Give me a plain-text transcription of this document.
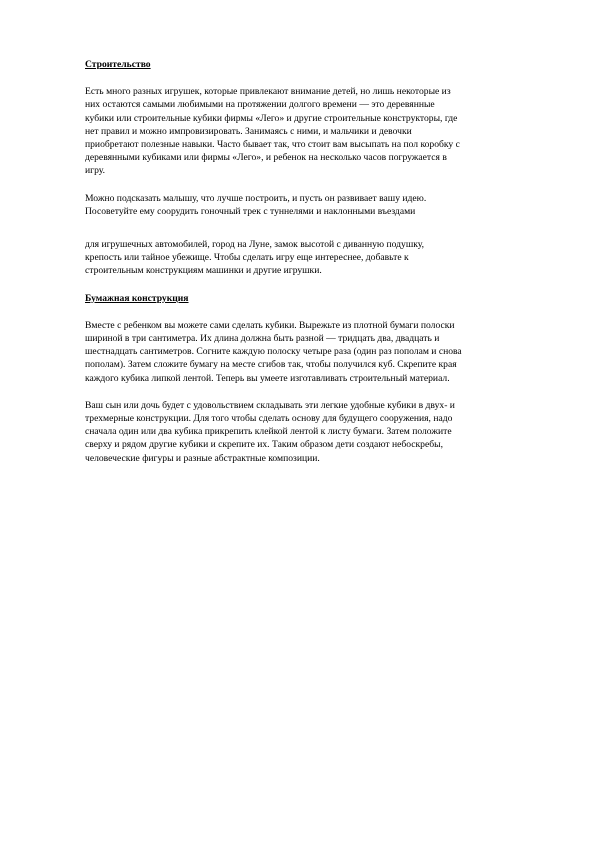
Строительство
Есть много разных игрушек, которые привлекают внимание детей, но лишь некоторые из
них остаются самыми любимыми на протяжении долгого времени — это деревянные
кубики или строительные кубики фирмы «Лего» и другие строительные конструкторы, где
нет правил и можно импровизировать. Занимаясь с ними, и мальчики и девочки
приобретают полезные навыки. Часто бывает так, что стоит вам высыпать на пол коробку с
деревянными кубиками или фирмы «Лего», и ребенок на несколько часов погружается в
игру.
Можно подсказать малышу, что лучше построить, и пусть он развивает вашу идею.
Посоветуйте ему соорудить гоночный трек с туннелями и наклонными въездами
для игрушечных автомобилей, город на Луне, замок высотой с диванную подушку,
крепость или тайное убежище. Чтобы сделать игру еще интереснее, добавьте к
строительным конструкциям машинки и другие игрушки.
Бумажная конструкция
Вместе с ребенком вы можете сами сделать кубики. Вырежьте из плотной бумаги полоски
шириной в три сантиметра. Их длина должна быть разной — тридцать два, двадцать и
шестнадцать сантиметров. Согните каждую полоску четыре раза (один раз пополам и снова
пополам). Затем сложите бумагу на месте сгибов так, чтобы получился куб. Скрепите края
каждого кубика липкой лентой. Теперь вы умеете изготавливать строительный материал.
Ваш сын или дочь будет с удовольствием складывать эти легкие удобные кубики в двух- и
трехмерные конструкции. Для того чтобы сделать основу для будущего сооружения, надо
сначала один или два кубика прикрепить клейкой лентой к листу бумаги. Затем положите
сверху и рядом другие кубики и скрепите их. Таким образом дети создают небоскребы,
человеческие фигуры и разные абстрактные композиции.
